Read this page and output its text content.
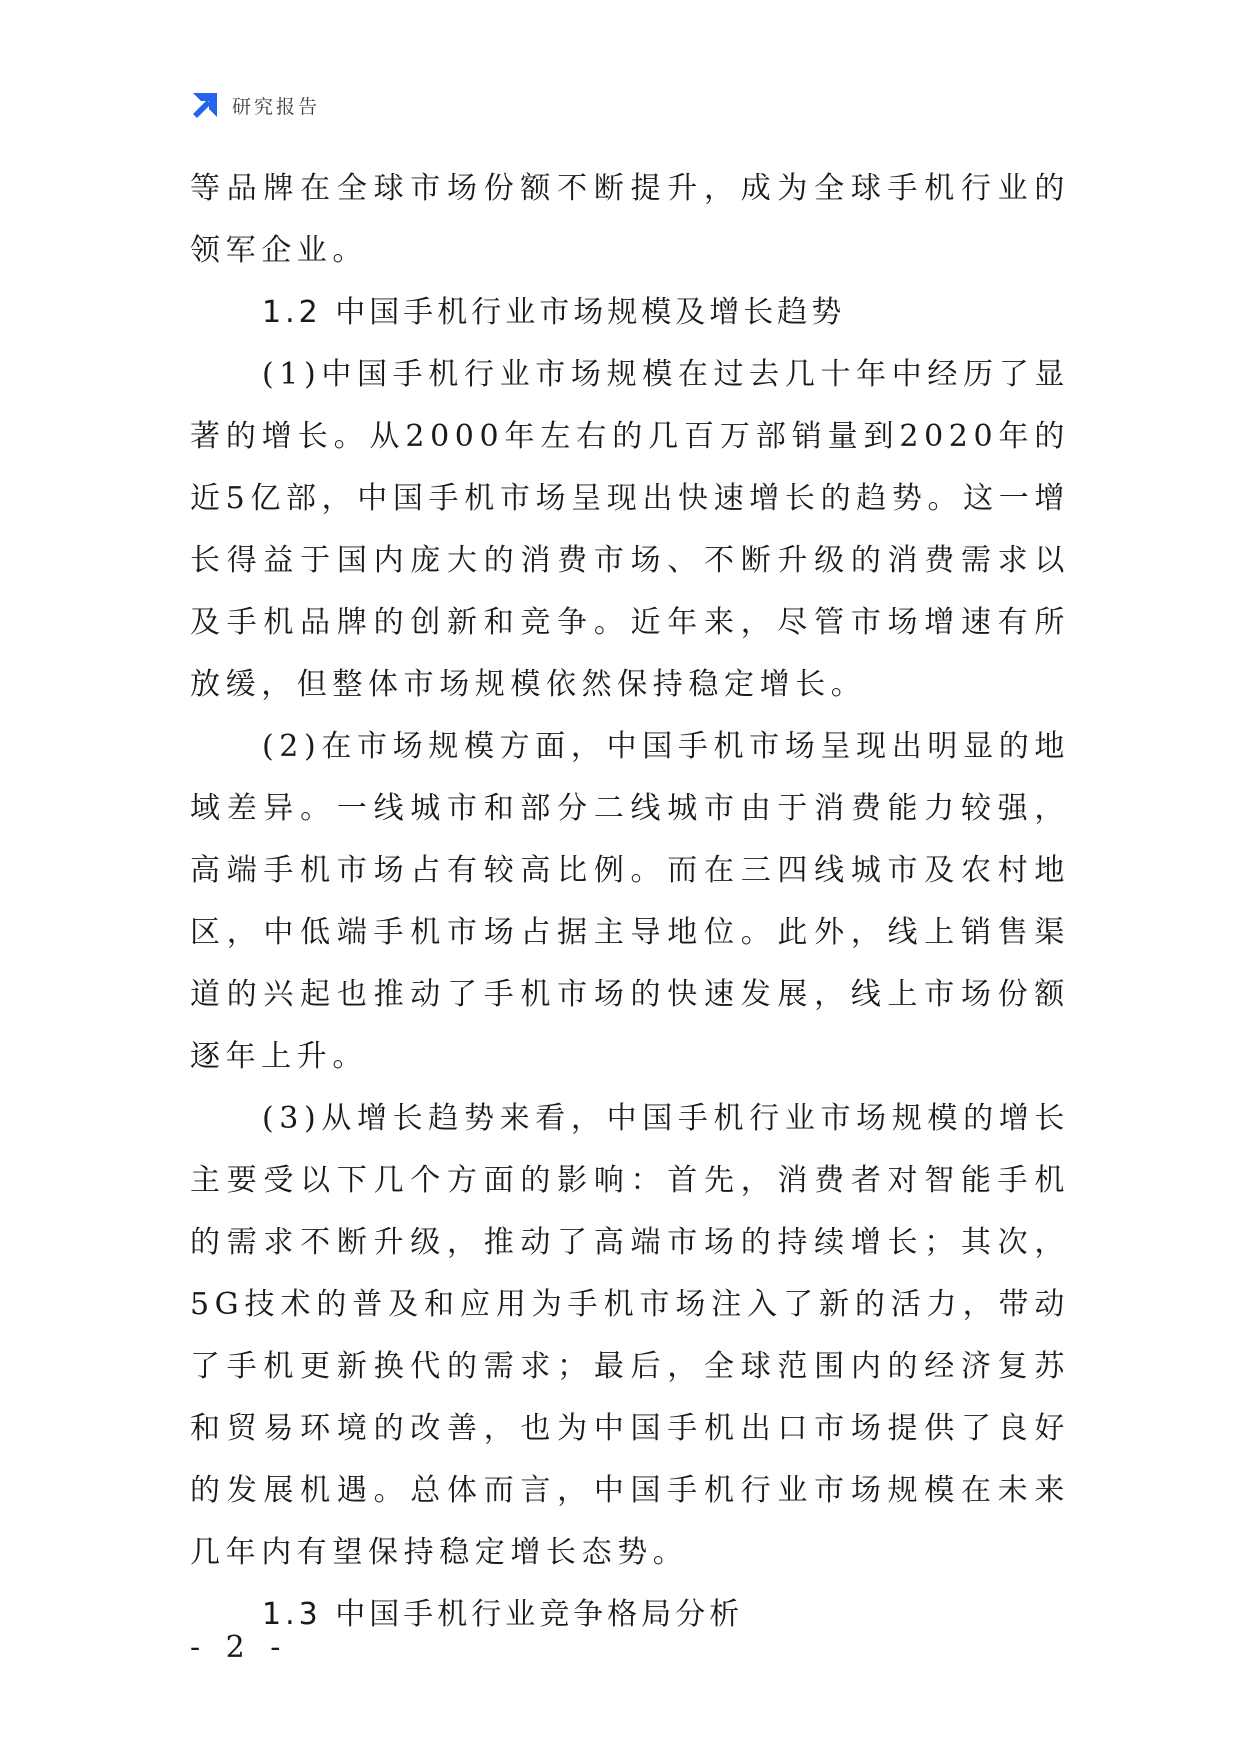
研究报告

等品牌在全球市场份额不断提升，成为全球手机行业的领军企业。

1.2 中国手机行业市场规模及增长趋势

(1)中国手机行业市场规模在过去几十年中经历了显著的增长。从2000年左右的几百万部销量到2020年的近5亿部，中国手机市场呈现出快速增长的趋势。这一增长得益于国内庞大的消费市场、不断升级的消费需求以及手机品牌的创新和竞争。近年来，尽管市场增速有所放缓，但整体市场规模依然保持稳定增长。

(2)在市场规模方面，中国手机市场呈现出明显的地域差异。一线城市和部分二线城市由于消费能力较强，高端手机市场占有较高比例。而在三四线城市及农村地区，中低端手机市场占据主导地位。此外，线上销售渠道的兴起也推动了手机市场的快速发展，线上市场份额逐年上升。

(3)从增长趋势来看，中国手机行业市场规模的增长主要受以下几个方面的影响：首先，消费者对智能手机的需求不断升级，推动了高端市场的持续增长；其次，5G技术的普及和应用为手机市场注入了新的活力，带动了手机更新换代的需求；最后，全球范围内的经济复苏和贸易环境的改善，也为中国手机出口市场提供了良好的发展机遇。总体而言，中国手机行业市场规模在未来几年内有望保持稳定增长态势。

1.3 中国手机行业竞争格局分析

- 2 -
